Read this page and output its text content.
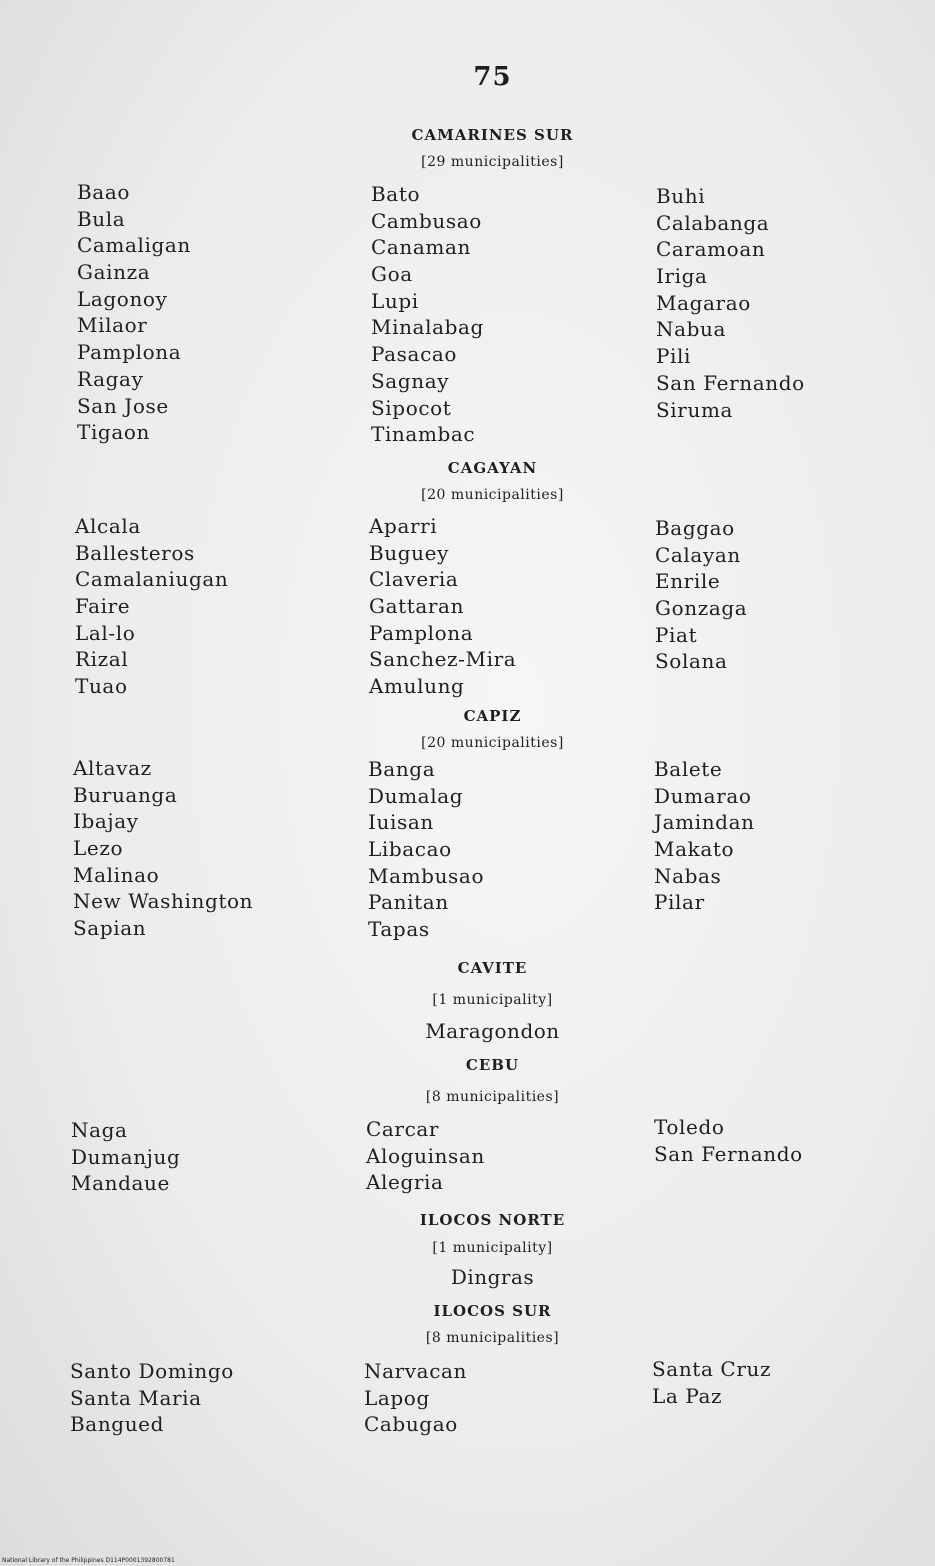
75
CAMARINES SUR
[29 municipalities]
Baao
Bula
Camaligan
Gainza
Lagonoy
Milaor
Pamplona
Ragay
San Jose
Tigaon
Bato
Cambusao
Canaman
Goa
Lupi
Minalabag
Pasacao
Sagnay
Sipocot
Tinambac
Buhi
Calabanga
Caramoan
Iriga
Magarao
Nabua
Pili
San Fernando
Siruma
CAGAYAN
[20 municipalities]
Alcala
Ballesteros
Camalaniugan
Faire
Lal-lo
Rizal
Tuao
Aparri
Buguey
Claveria
Gattaran
Pamplona
Sanchez-Mira
Amulung
Baggao
Calayan
Enrile
Gonzaga
Piat
Solana
CAPIZ
[20 municipalities]
Altavaz
Buruanga
Ibajay
Lezo
Malinao
New Washington
Sapian
Banga
Dumalag
Iuisan
Libacao
Mambusao
Panitan
Tapas
Balete
Dumarao
Jamindan
Makato
Nabas
Pilar
CAVITE
[1 municipality]
Maragondon
CEBU
[8 municipalities]
Naga
Dumanjug
Mandaue
Carcar
Aloguinsan
Alegria
Toledo
San Fernando
ILOCOS NORTE
[1 municipality]
Dingras
ILOCOS SUR
[8 municipalities]
Santo Domingo
Santa Maria
Bangued
Narvacan
Lapog
Cabugao
Santa Cruz
La Paz
National Library of the Philippines D114P0001392800781
